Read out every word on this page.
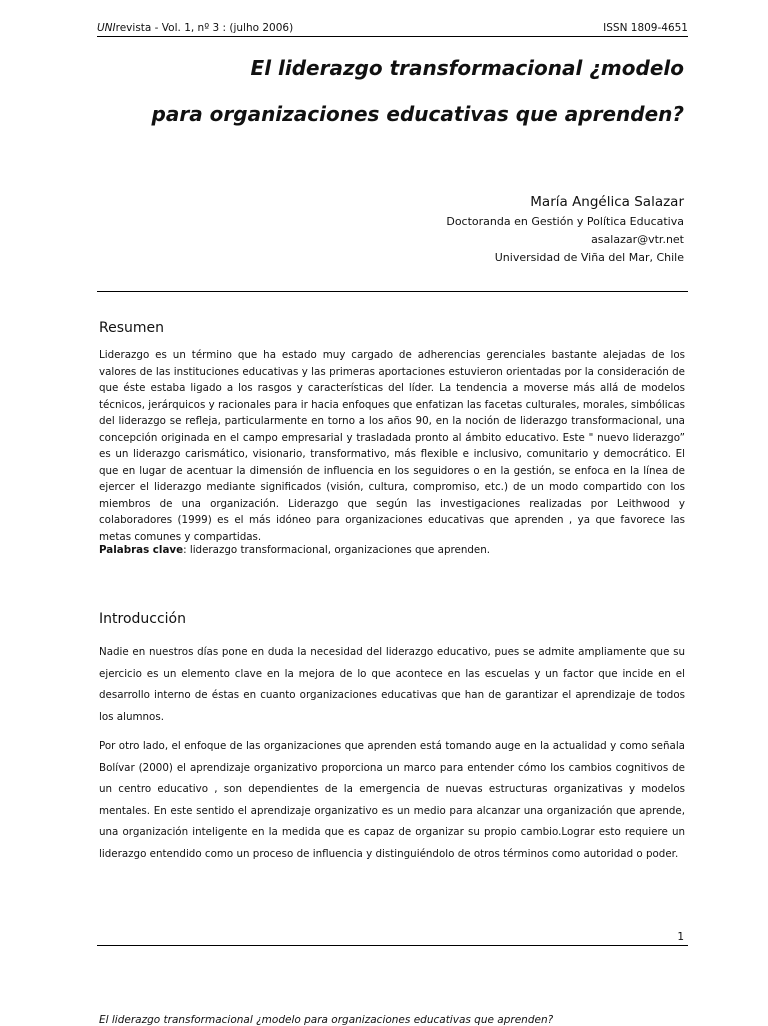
UNIrevista - Vol. 1, nº 3 : (julho 2006)	ISSN 1809-4651
El liderazgo transformacional ¿modelo
para organizaciones educativas que aprenden?
María Angélica Salazar
Doctoranda en Gestión y Política Educativa
asalazar@vtr.net
Universidad de Viña del Mar, Chile
Resumen

Liderazgo es un término que ha estado muy cargado de adherencias gerenciales bastante alejadas de los valores de las instituciones educativas y las primeras aportaciones estuvieron orientadas por la consideración de que éste estaba ligado a los rasgos y características del líder. La tendencia a moverse más allá de modelos técnicos, jerárquicos y racionales para ir hacia enfoques que enfatizan las facetas culturales, morales, simbólicas del liderazgo se refleja, particularmente en torno a los años 90, en la noción de liderazgo transformacional, una concepción originada en el campo empresarial y trasladada pronto al ámbito educativo. Este " nuevo liderazgo” es un liderazgo carismático, visionario, transformativo, más flexible e inclusivo, comunitario y democrático. El que en lugar de acentuar la dimensión de influencia en los seguidores o en la gestión, se enfoca en la línea de ejercer el liderazgo mediante significados (visión, cultura, compromiso, etc.) de un modo compartido con los miembros de una organización. Liderazgo que según las investigaciones realizadas por Leithwood y colaboradores (1999) es el más idóneo para organizaciones educativas que aprenden , ya que favorece las metas comunes y compartidas.

Palabras clave: liderazgo transformacional, organizaciones que aprenden.

Introducción

Nadie en nuestros días pone en duda la necesidad del liderazgo educativo, pues se admite ampliamente que su ejercicio es un elemento clave en la mejora de lo que acontece en las escuelas y un factor que incide en el desarrollo interno de éstas en cuanto organizaciones educativas que han de garantizar el aprendizaje de todos los alumnos.

Por otro lado, el enfoque de las organizaciones que aprenden está tomando auge en la actualidad y como señala Bolívar (2000) el aprendizaje organizativo proporciona un marco para entender cómo los cambios cognitivos de un centro educativo , son dependientes de la emergencia de nuevas estructuras organizativas y modelos mentales. En este sentido el aprendizaje organizativo es un medio para alcanzar una organización que aprende, una organización inteligente en la medida que es capaz de organizar su propio cambio.Lograr esto requiere un liderazgo entendido como un proceso de influencia y distinguiéndolo de otros términos como autoridad o poder.

1
El liderazgo transformacional ¿modelo para organizaciones educativas que aprenden?
